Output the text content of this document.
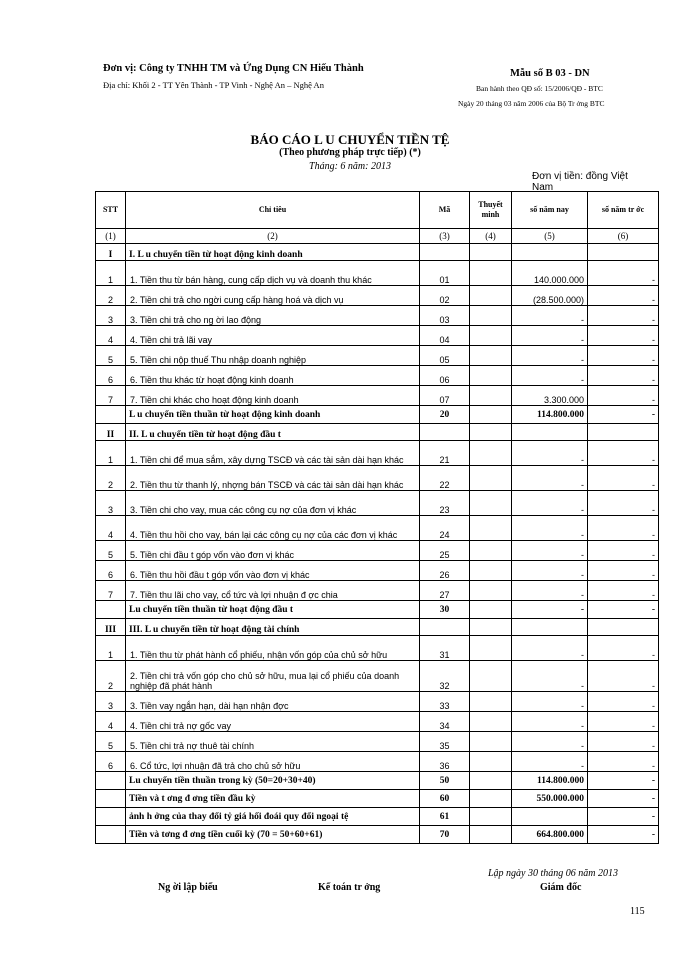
Đơn vị: Công ty TNHH TM và Ứng Dụng CN Hiếu Thành
Địa chỉ: Khối 2 - TT Yên Thành - TP Vinh - Nghệ An – Nghệ An
Mẫu số B 03 - DN
Ban hành theo QĐ số: 15/2006/QĐ - BTC
Ngày 20 tháng 03 năm 2006 của Bộ Tr ởng BTC
BÁO CÁO L U CHUYỂN TIỀN TỆ
(Theo phương pháp trực tiếp) (*)
Tháng: 6 năm: 2013
Đơn vị tiền: đồng Việt Nam
STT	Chỉ tiêu	Mã	Thuyết minh	số năm nay	số năm tr ớc
(1)	(2)	(3)	(4)	(5)	(6)
I	I. L u chuyển tiền từ hoạt động kinh doanh				
1	1. Tiền thu từ bán hàng, cung cấp dịch vụ và doanh thu khác	01		140.000.000	-
2	2. Tiền chi trả cho ngời cung cấp hàng hoá và dịch vụ	02		(28.500.000)	-
3	3. Tiền chi trả cho ng ời lao động	03		-	-
4	4. Tiền chi trả lãi vay	04		-	-
5	5. Tiền chi nộp thuế Thu nhập doanh nghiệp	05		-	-
6	6. Tiền thu khác từ hoạt động kinh doanh	06		-	-
7	7. Tiền chi khác cho hoạt động kinh doanh	07		3.300.000	-
	L u chuyển tiền thuần từ hoạt động kinh doanh	20		114.800.000	-
II	II. L u chuyển tiền từ hoạt động đầu t				
1	1. Tiền chi để mua sắm, xây dựng TSCĐ và các tài sản dài hạn khác	21		-	-
2	2. Tiền thu từ thanh lý, nhợng bán TSCĐ và các tài sản dài hạn khác	22		-	-
3	3. Tiền chi cho vay, mua các công cụ nợ của đơn vị khác	23		-	-
4	4. Tiền thu hồi cho vay, bán lại các công cụ nợ của các đơn vị khác	24		-	-
5	5. Tiền chi đầu t góp vốn vào đơn vị khác	25		-	-
6	6. Tiền thu hồi đầu t góp vốn vào đơn vị khác	26		-	-
7	7. Tiền thu lãi cho vay, cổ tức và lợi nhuận đ ợc chia	27		-	-
	Lu chuyển tiền thuần từ hoạt động đầu t	30		-	-
III	III. L u chuyển tiền từ hoạt động tài chính				
1	1. Tiền thu từ phát hành cổ phiếu, nhận vốn góp của chủ sở hữu	31		-	-
2	2. Tiền chi trả vốn góp cho chủ sở hữu, mua lại cổ phiếu của doanh nghiệp đã phát hành	32		-	-
3	3. Tiền vay ngắn hạn, dài hạn nhận đợc	33		-	-
4	4. Tiền chi trả nợ gốc vay	34		-	-
5	5. Tiền chi trả nợ thuê tài chính	35		-	-
6	6. Cổ tức, lợi nhuận đã trả cho chủ sở hữu	36		-	-
	Lu chuyển tiền thuần trong kỳ (50=20+30+40)	50		114.800.000	-
	Tiền và t ơng đ ơng tiền đầu kỳ	60		550.000.000	-
	ảnh h ởng của thay đổi tỷ giá hối đoái quy đổi ngoại tệ	61			-
	Tiền và tơng đ ơng tiền cuối kỳ (70 = 50+60+61)	70		664.800.000	-
Lập ngày 30 tháng 06 năm 2013
Ng ời lập biểu	Kế toán tr ởng	Giám đốc
115
